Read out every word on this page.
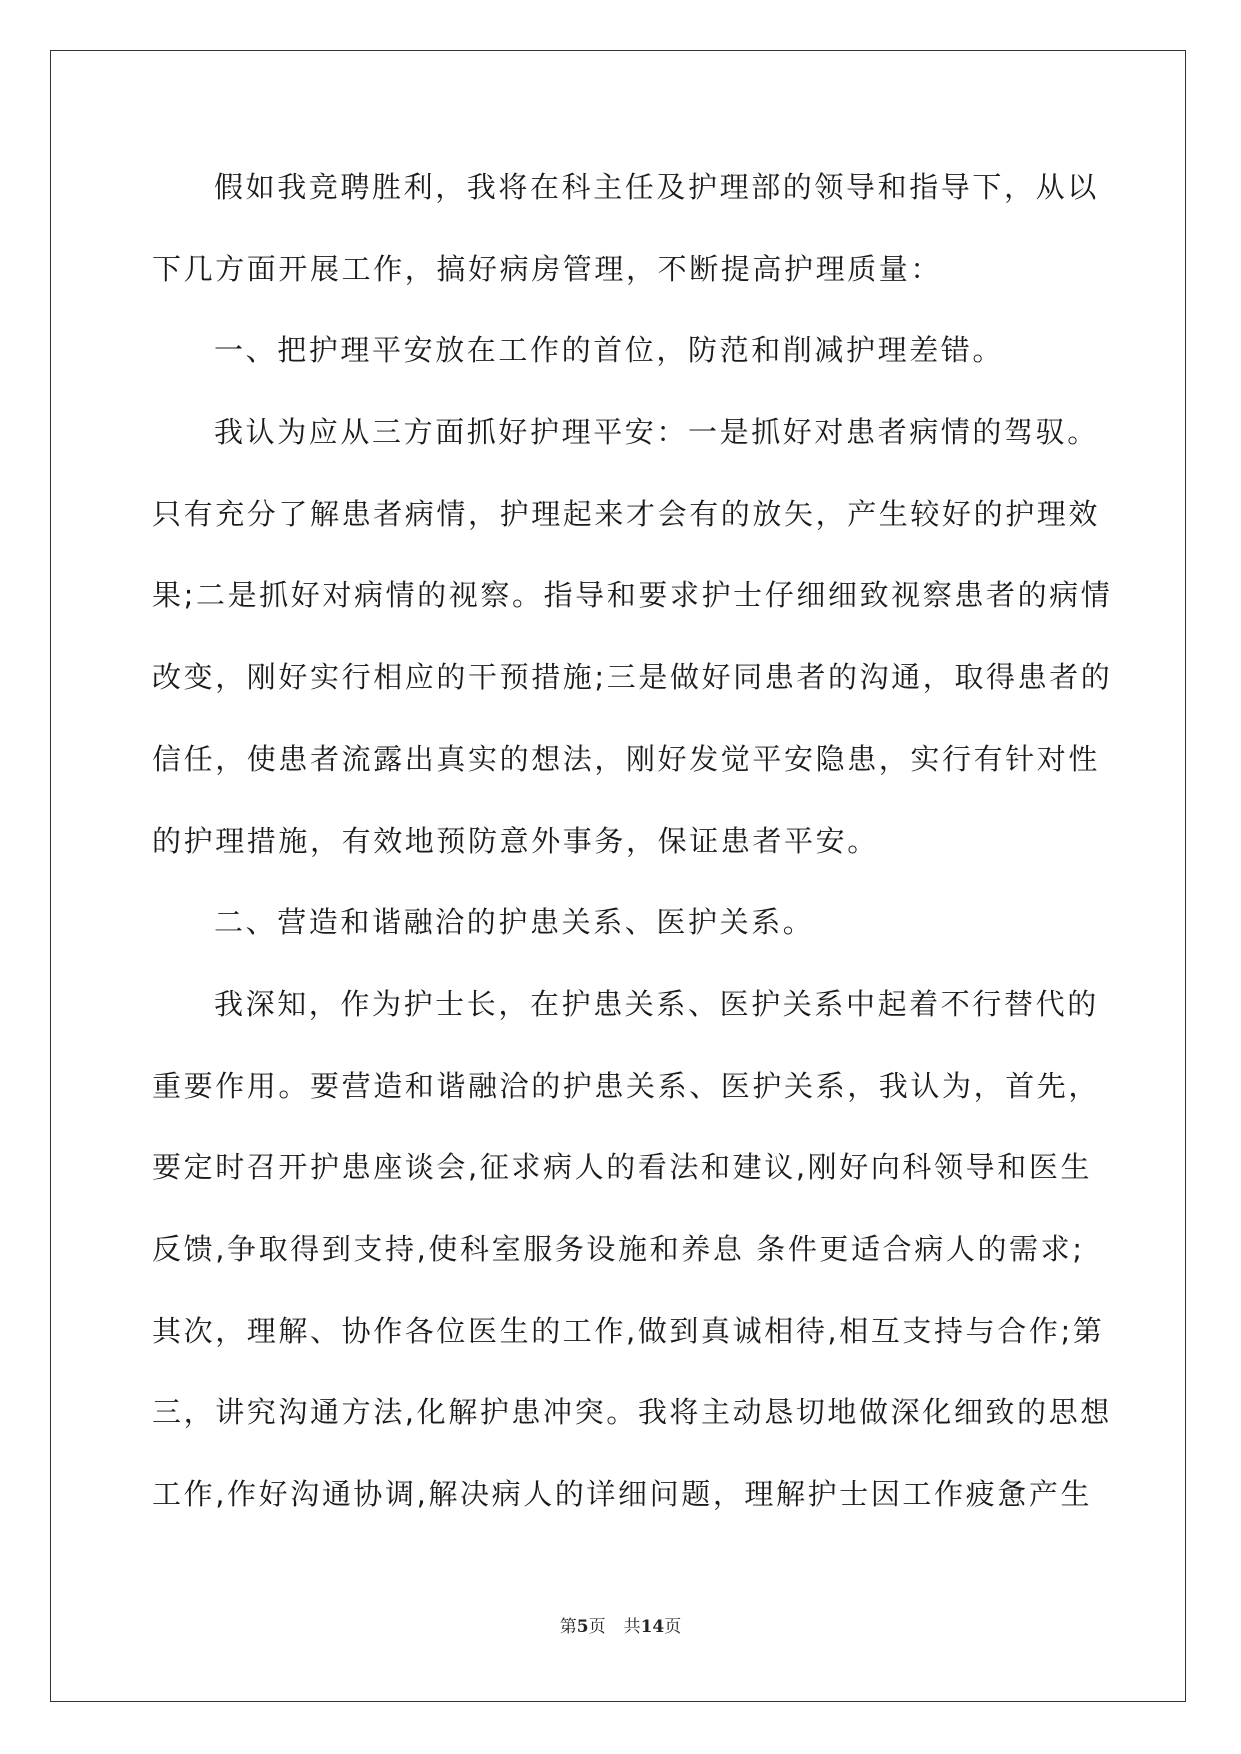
假如我竞聘胜利，我将在科主任及护理部的领导和指导下，从以
下几方面开展工作，搞好病房管理，不断提高护理质量：
一、把护理平安放在工作的首位，防范和削减护理差错。
我认为应从三方面抓好护理平安：一是抓好对患者病情的驾驭。
只有充分了解患者病情，护理起来才会有的放矢，产生较好的护理效
果;二是抓好对病情的视察。指导和要求护士仔细细致视察患者的病情
改变，刚好实行相应的干预措施;三是做好同患者的沟通，取得患者的
信任，使患者流露出真实的想法，刚好发觉平安隐患，实行有针对性
的护理措施，有效地预防意外事务，保证患者平安。
二、营造和谐融洽的护患关系、医护关系。
我深知，作为护士长，在护患关系、医护关系中起着不行替代的
重要作用。要营造和谐融洽的护患关系、医护关系，我认为，首先，
要定时召开护患座谈会,征求病人的看法和建议,刚好向科领导和医生
反馈,争取得到支持,使科室服务设施和养息 条件更适合病人的需求;
其次，理解、协作各位医生的工作,做到真诚相待,相互支持与合作;第
三，讲究沟通方法,化解护患冲突。我将主动恳切地做深化细致的思想
工作,作好沟通协调,解决病人的详细问题，理解护士因工作疲惫产生
第5页 共14页
